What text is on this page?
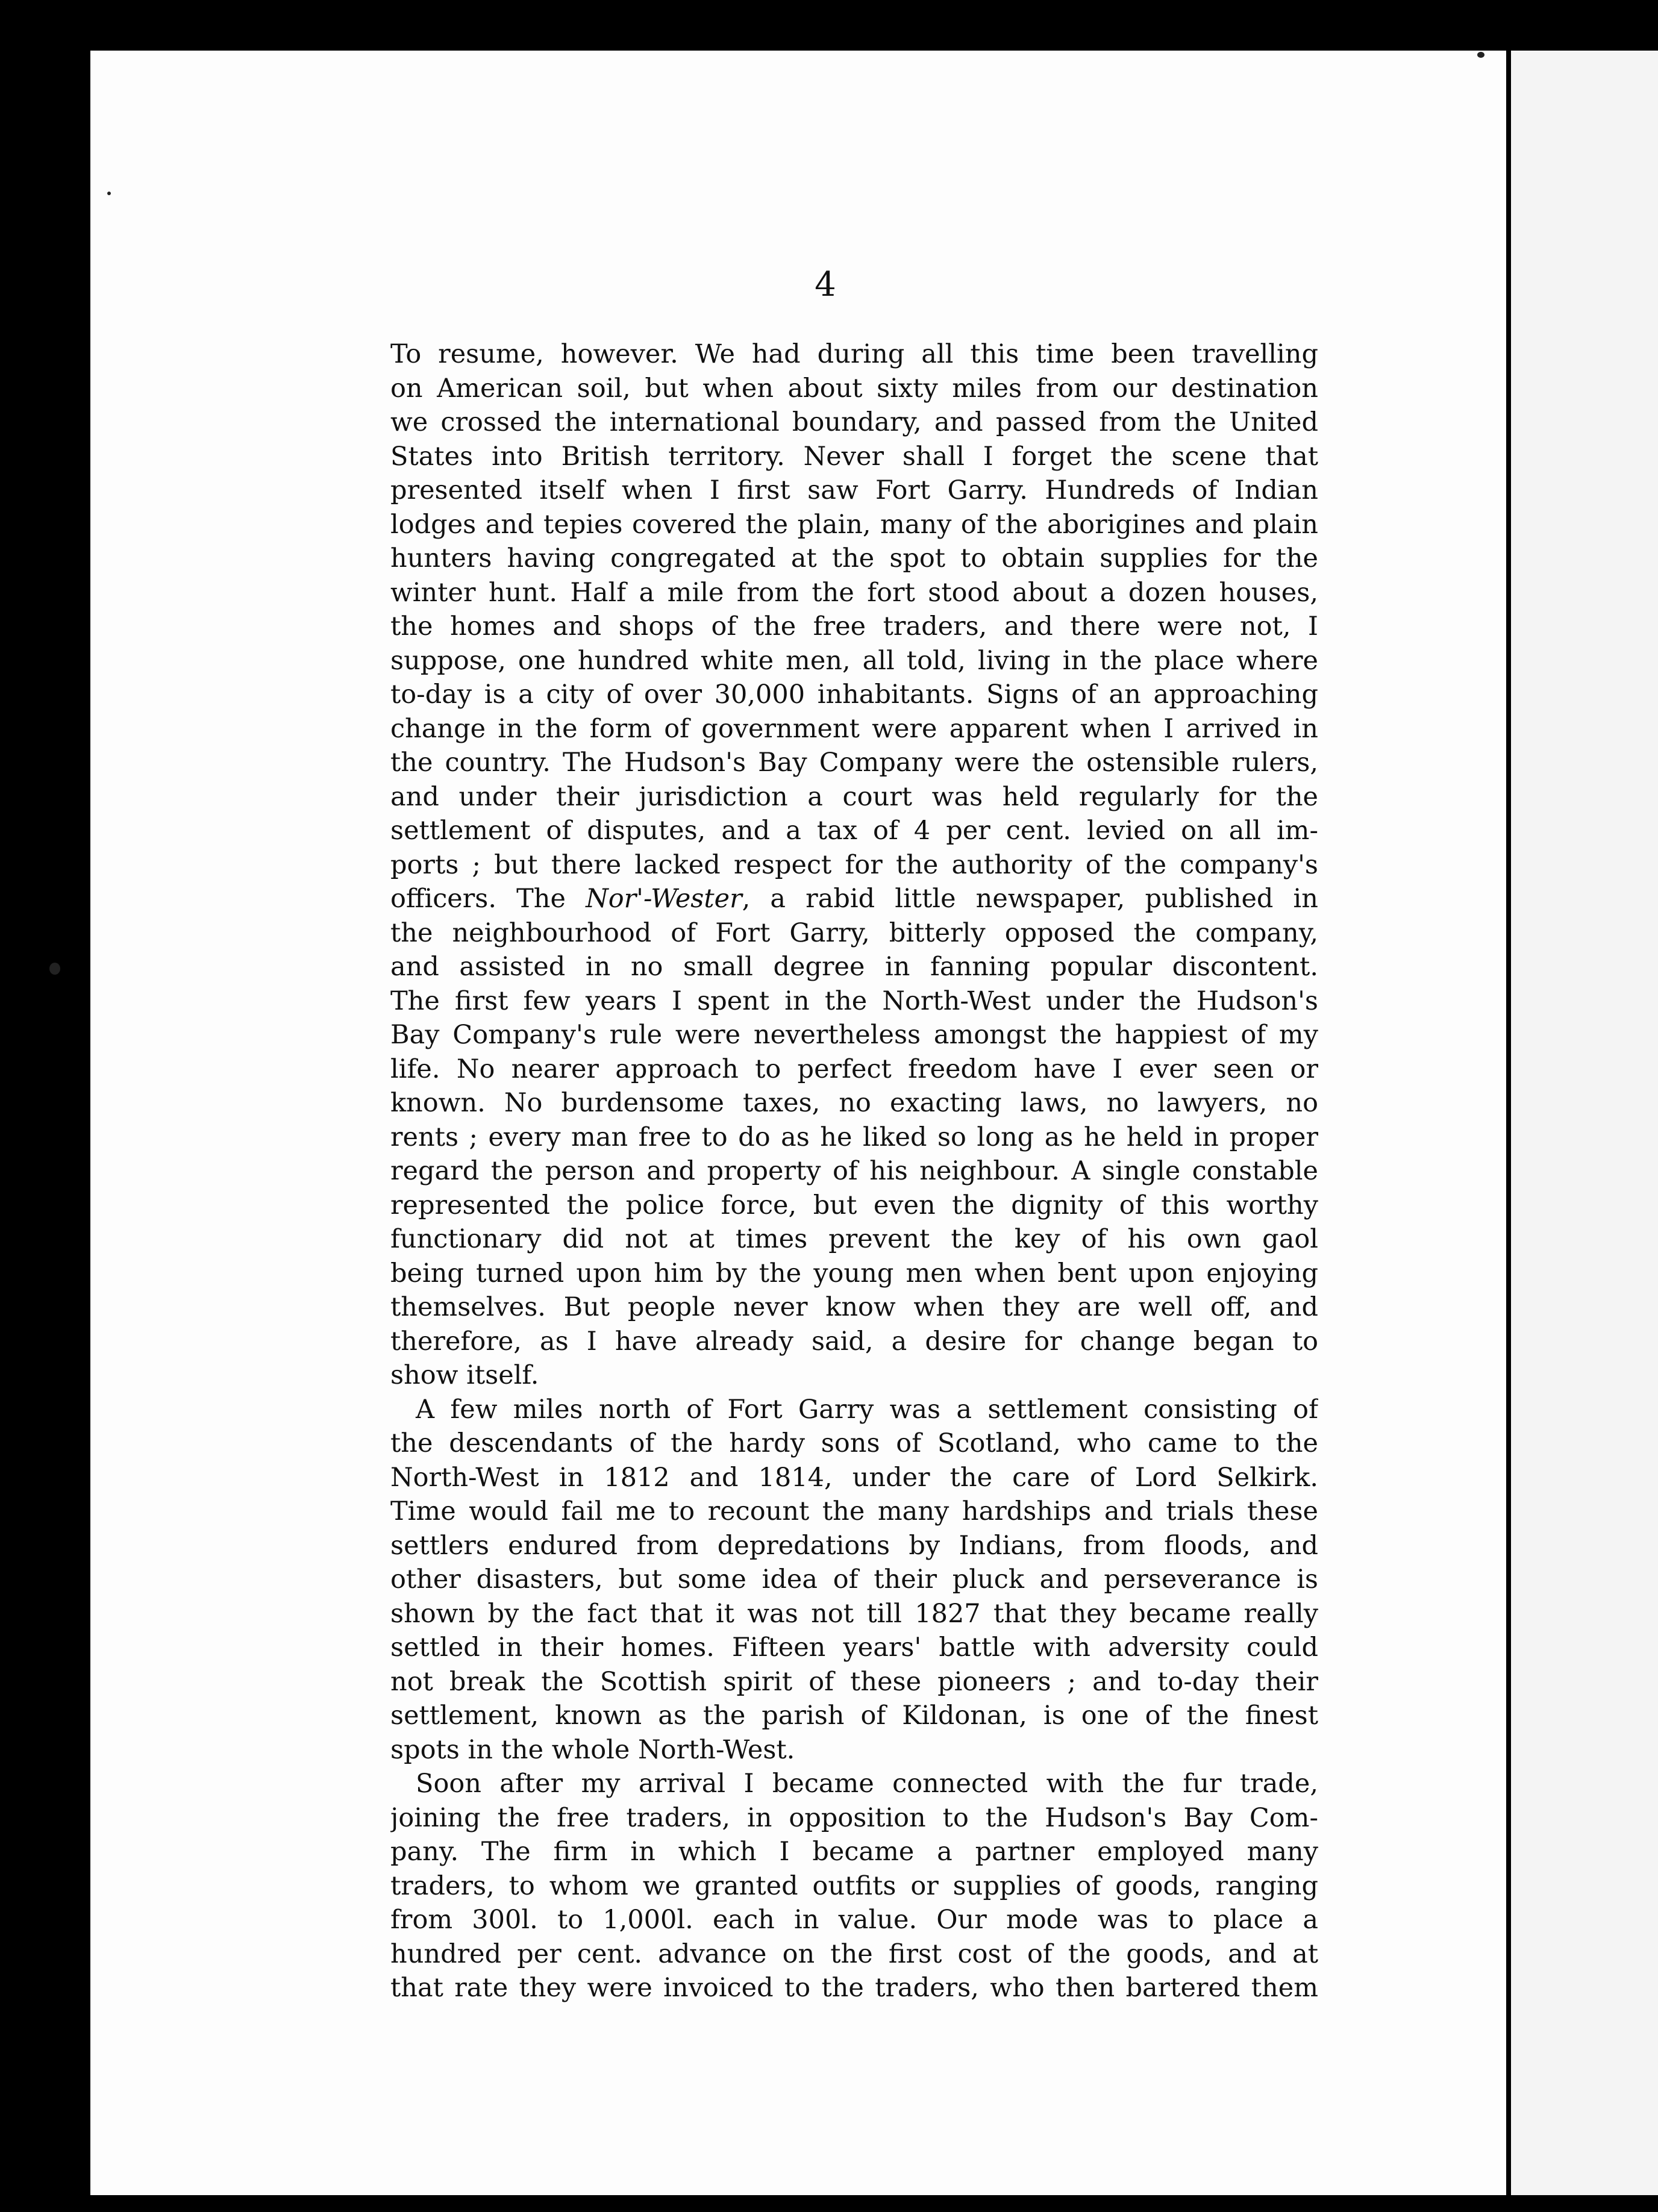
4
To resume, however. We had during all this time been travelling
on American soil, but when about sixty miles from our destination
we crossed the international boundary, and passed from the United
States into British territory. Never shall I forget the scene that
presented itself when I first saw Fort Garry. Hundreds of Indian
lodges and tepies covered the plain, many of the aborigines and plain
hunters having congregated at the spot to obtain supplies for the
winter hunt. Half a mile from the fort stood about a dozen houses,
the homes and shops of the free traders, and there were not, I
suppose, one hundred white men, all told, living in the place where
to-day is a city of over 30,000 inhabitants. Signs of an approaching
change in the form of government were apparent when I arrived in
the country. The Hudson's Bay Company were the ostensible rulers,
and under their jurisdiction a court was held regularly for the
settlement of disputes, and a tax of 4 per cent. levied on all im-
ports ; but there lacked respect for the authority of the company's
officers. The Nor'-Wester, a rabid little newspaper, published in
the neighbourhood of Fort Garry, bitterly opposed the company,
and assisted in no small degree in fanning popular discontent.
The first few years I spent in the North-West under the Hudson's
Bay Company's rule were nevertheless amongst the happiest of my
life. No nearer approach to perfect freedom have I ever seen or
known. No burdensome taxes, no exacting laws, no lawyers, no
rents ; every man free to do as he liked so long as he held in proper
regard the person and property of his neighbour. A single constable
represented the police force, but even the dignity of this worthy
functionary did not at times prevent the key of his own gaol
being turned upon him by the young men when bent upon enjoying
themselves. But people never know when they are well off, and
therefore, as I have already said, a desire for change began to
show itself.
A few miles north of Fort Garry was a settlement consisting of
the descendants of the hardy sons of Scotland, who came to the
North-West in 1812 and 1814, under the care of Lord Selkirk.
Time would fail me to recount the many hardships and trials these
settlers endured from depredations by Indians, from floods, and
other disasters, but some idea of their pluck and perseverance is
shown by the fact that it was not till 1827 that they became really
settled in their homes. Fifteen years' battle with adversity could
not break the Scottish spirit of these pioneers ; and to-day their
settlement, known as the parish of Kildonan, is one of the finest
spots in the whole North-West.
Soon after my arrival I became connected with the fur trade,
joining the free traders, in opposition to the Hudson's Bay Com-
pany. The firm in which I became a partner employed many
traders, to whom we granted outfits or supplies of goods, ranging
from 300l. to 1,000l. each in value. Our mode was to place a
hundred per cent. advance on the first cost of the goods, and at
that rate they were invoiced to the traders, who then bartered them
